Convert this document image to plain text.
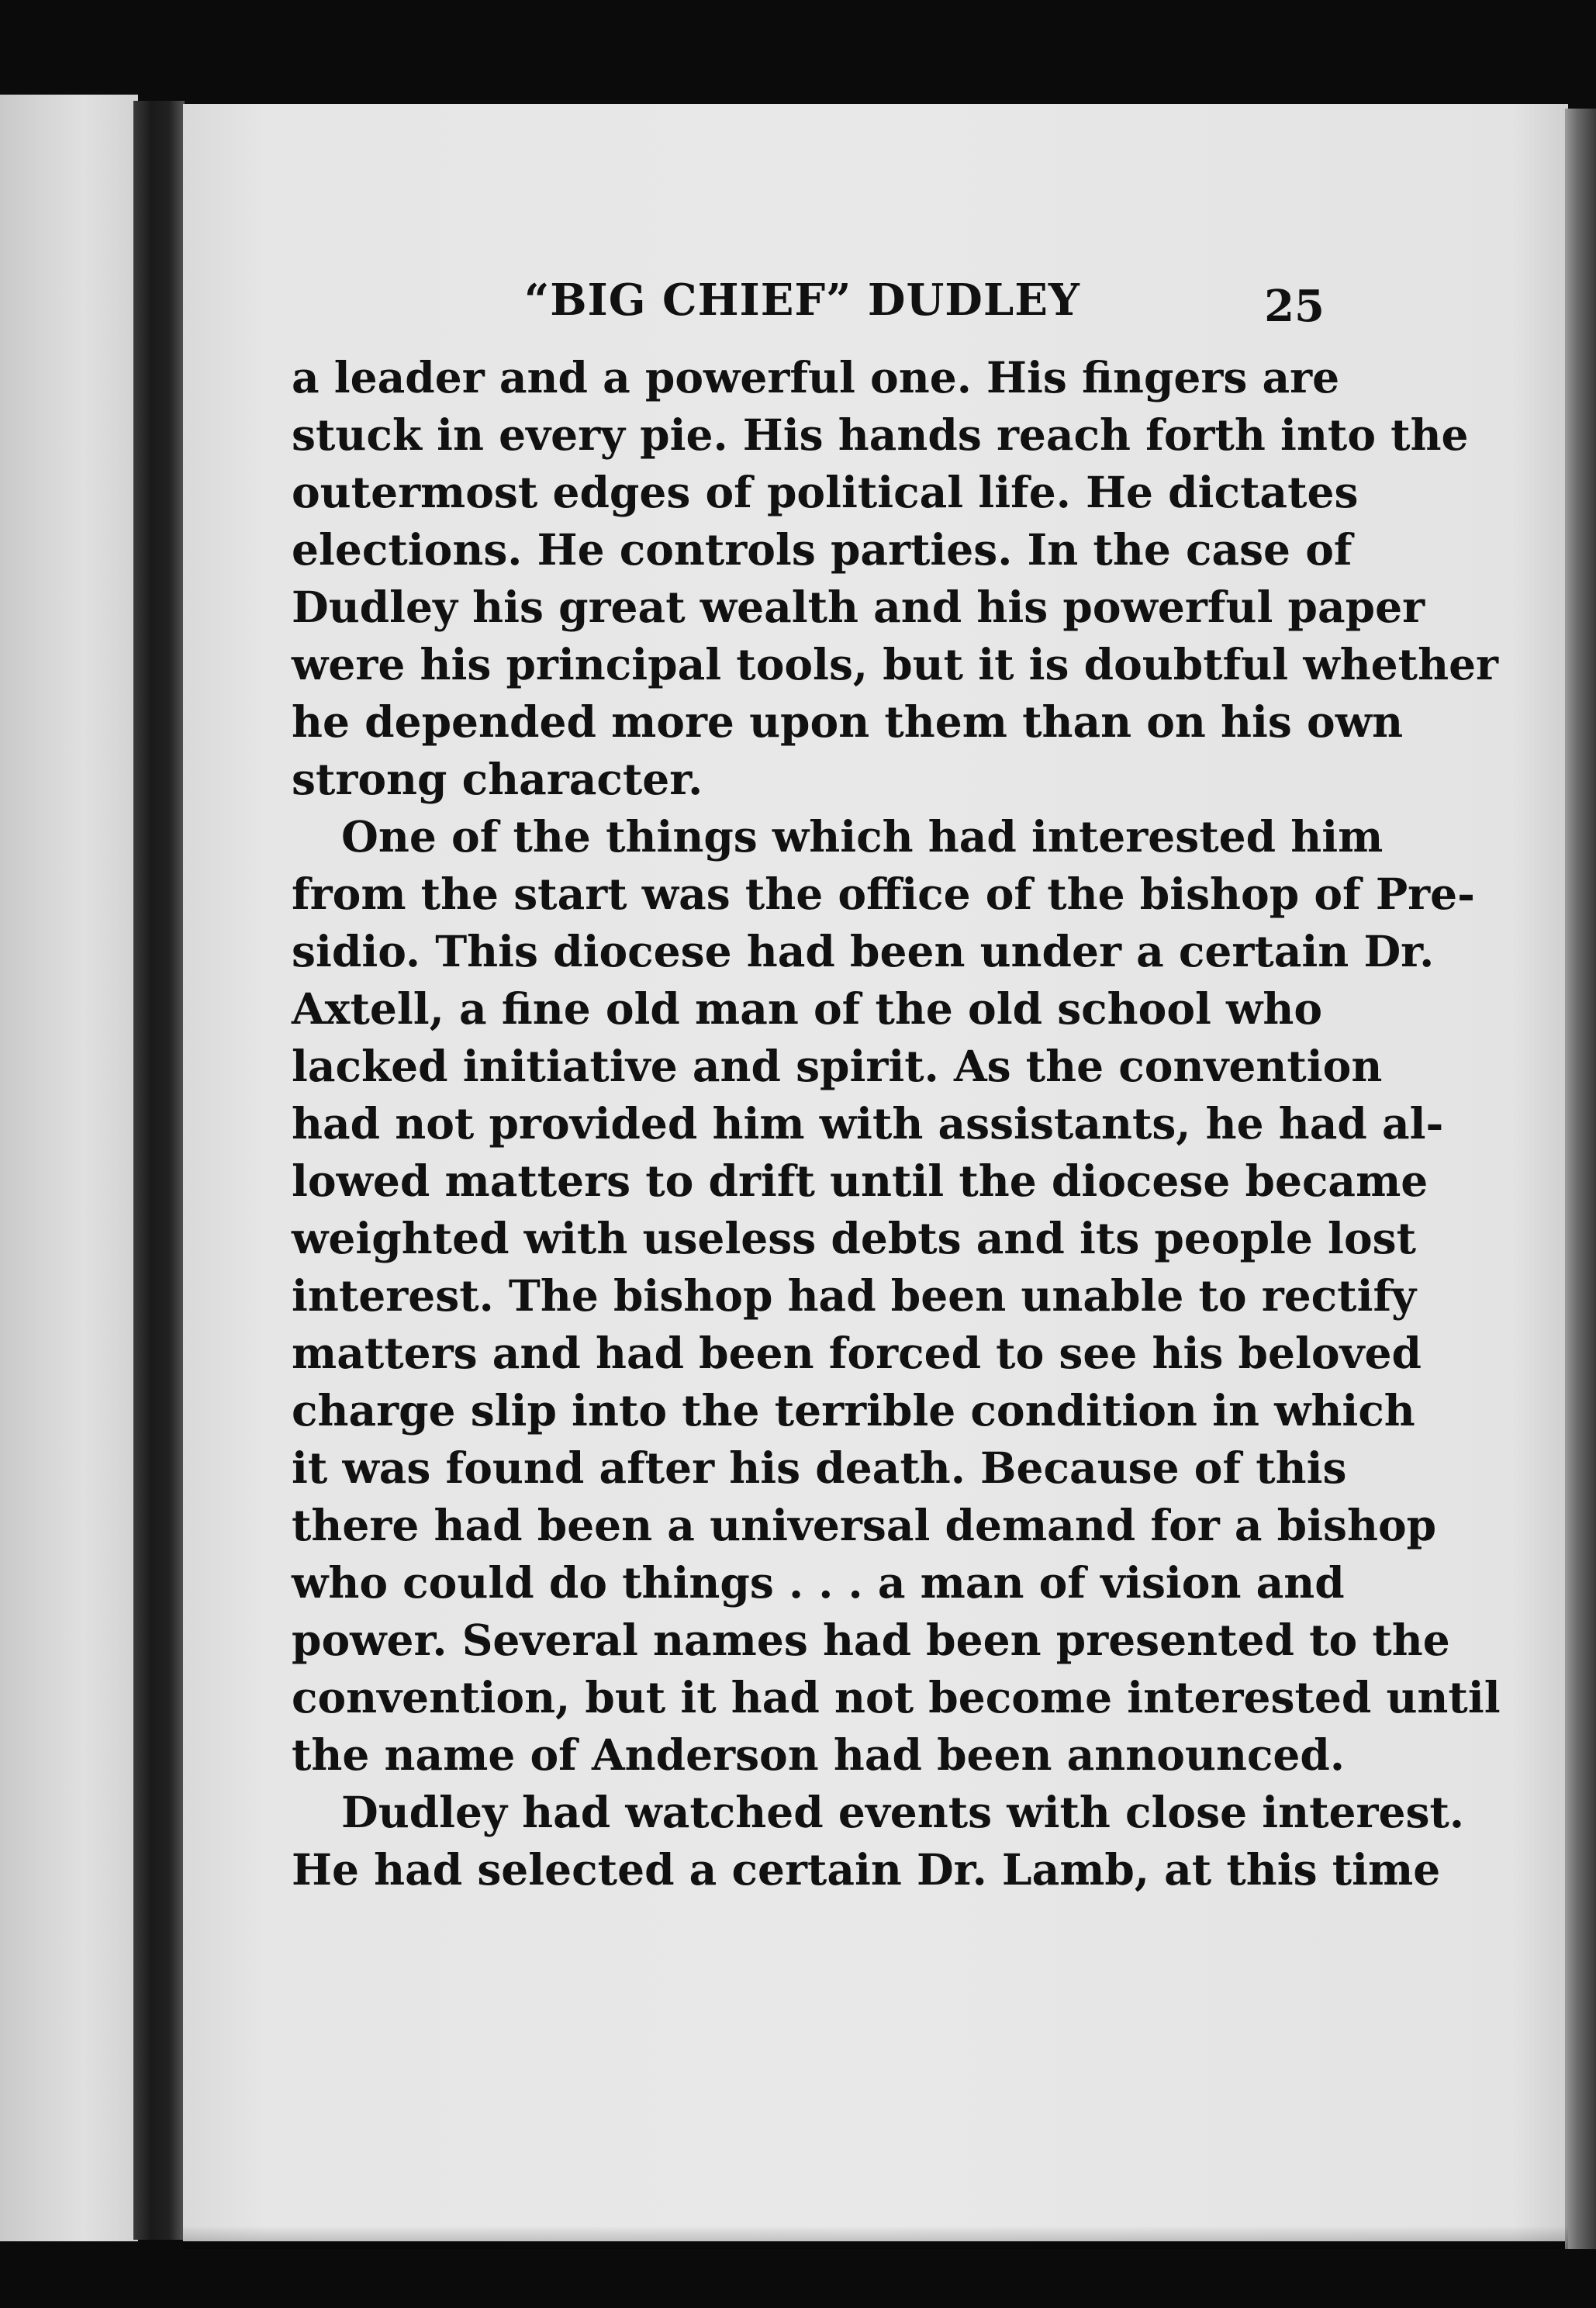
“BIG CHIEF” DUDLEY	25
a leader and a powerful one. His fingers are
stuck in every pie. His hands reach forth into the
outermost edges of political life. He dictates
elections. He controls parties. In the case of
Dudley his great wealth and his powerful paper
were his principal tools, but it is doubtful whether
he depended more upon them than on his own
strong character.
One of the things which had interested him
from the start was the office of the bishop of Pre-
sidio. This diocese had been under a certain Dr.
Axtell, a fine old man of the old school who
lacked initiative and spirit. As the convention
had not provided him with assistants, he had al-
lowed matters to drift until the diocese became
weighted with useless debts and its people lost
interest. The bishop had been unable to rectify
matters and had been forced to see his beloved
charge slip into the terrible condition in which
it was found after his death. Because of this
there had been a universal demand for a bishop
who could do things . . . a man of vision and
power. Several names had been presented to the
convention, but it had not become interested until
the name of Anderson had been announced.
Dudley had watched events with close interest.
He had selected a certain Dr. Lamb, at this time
